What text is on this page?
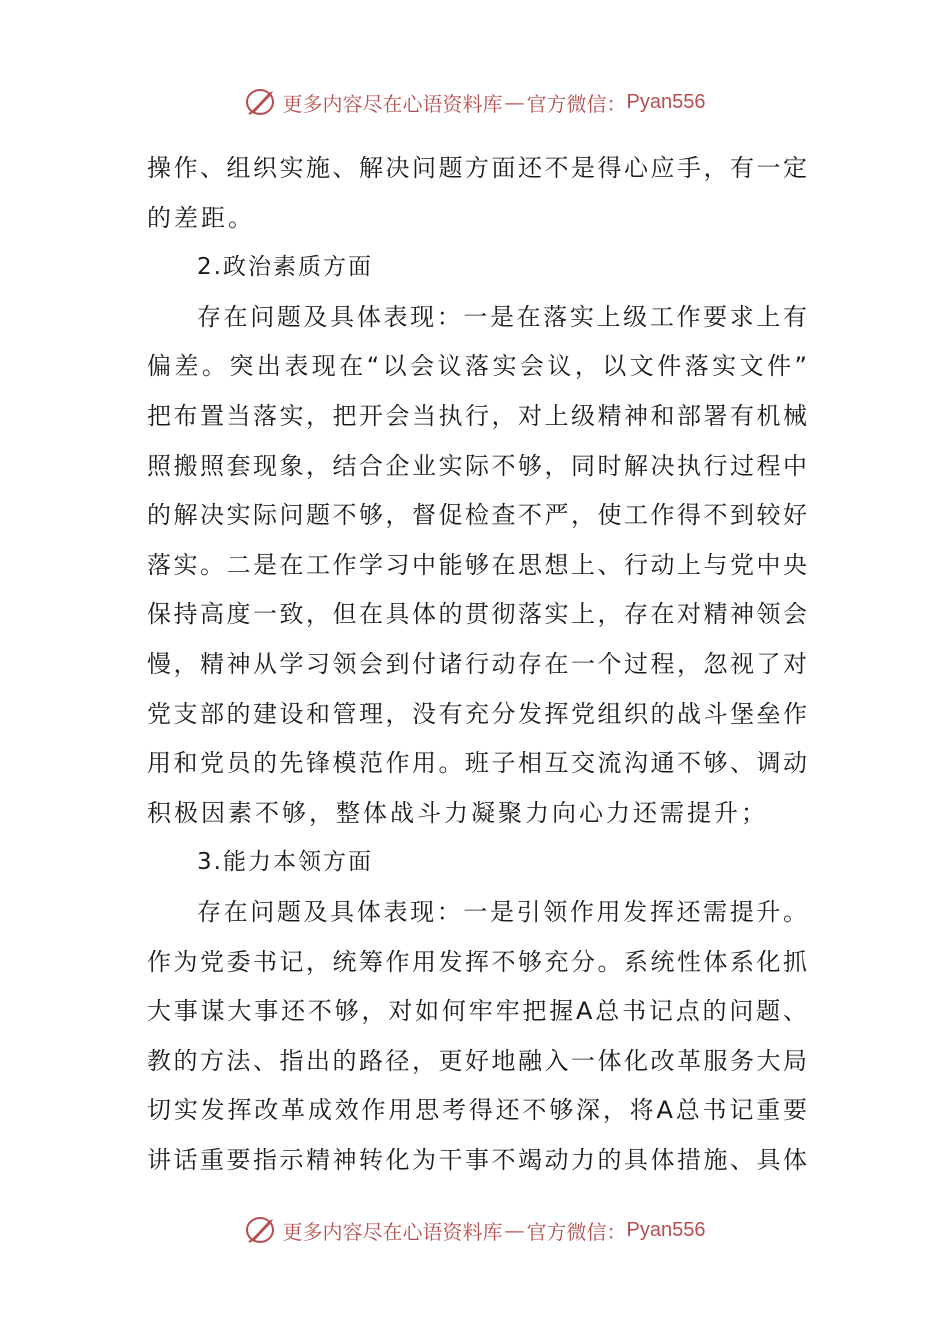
更多内容尽在心语资料库 — 官方微信： Pyan556
操作、组织实施、解决问题方面还不是得心应手，有一定
的差距。
2.政治素质方面
存在问题及具体表现：一是在落实上级工作要求上有
偏差。突出表现在“以会议落实会议，以文件落实文件”
把布置当落实，把开会当执行，对上级精神和部署有机械
照搬照套现象，结合企业实际不够，同时解决执行过程中
的解决实际问题不够，督促检查不严，使工作得不到较好
落实。二是在工作学习中能够在思想上、行动上与党中央
保持高度一致，但在具体的贯彻落实上，存在对精神领会
慢，精神从学习领会到付诸行动存在一个过程，忽视了对
党支部的建设和管理，没有充分发挥党组织的战斗堡垒作
用和党员的先锋模范作用。班子相互交流沟通不够、调动
积极因素不够，整体战斗力凝聚力向心力还需提升；
3.能力本领方面
存在问题及具体表现：一是引领作用发挥还需提升。
作为党委书记，统筹作用发挥不够充分。系统性体系化抓
大事谋大事还不够，对如何牢牢把握A总书记点的问题、
教的方法、指出的路径，更好地融入一体化改革服务大局
切实发挥改革成效作用思考得还不够深，将A总书记重要
讲话重要指示精神转化为干事不竭动力的具体措施、具体
更多内容尽在心语资料库 — 官方微信： Pyan556
